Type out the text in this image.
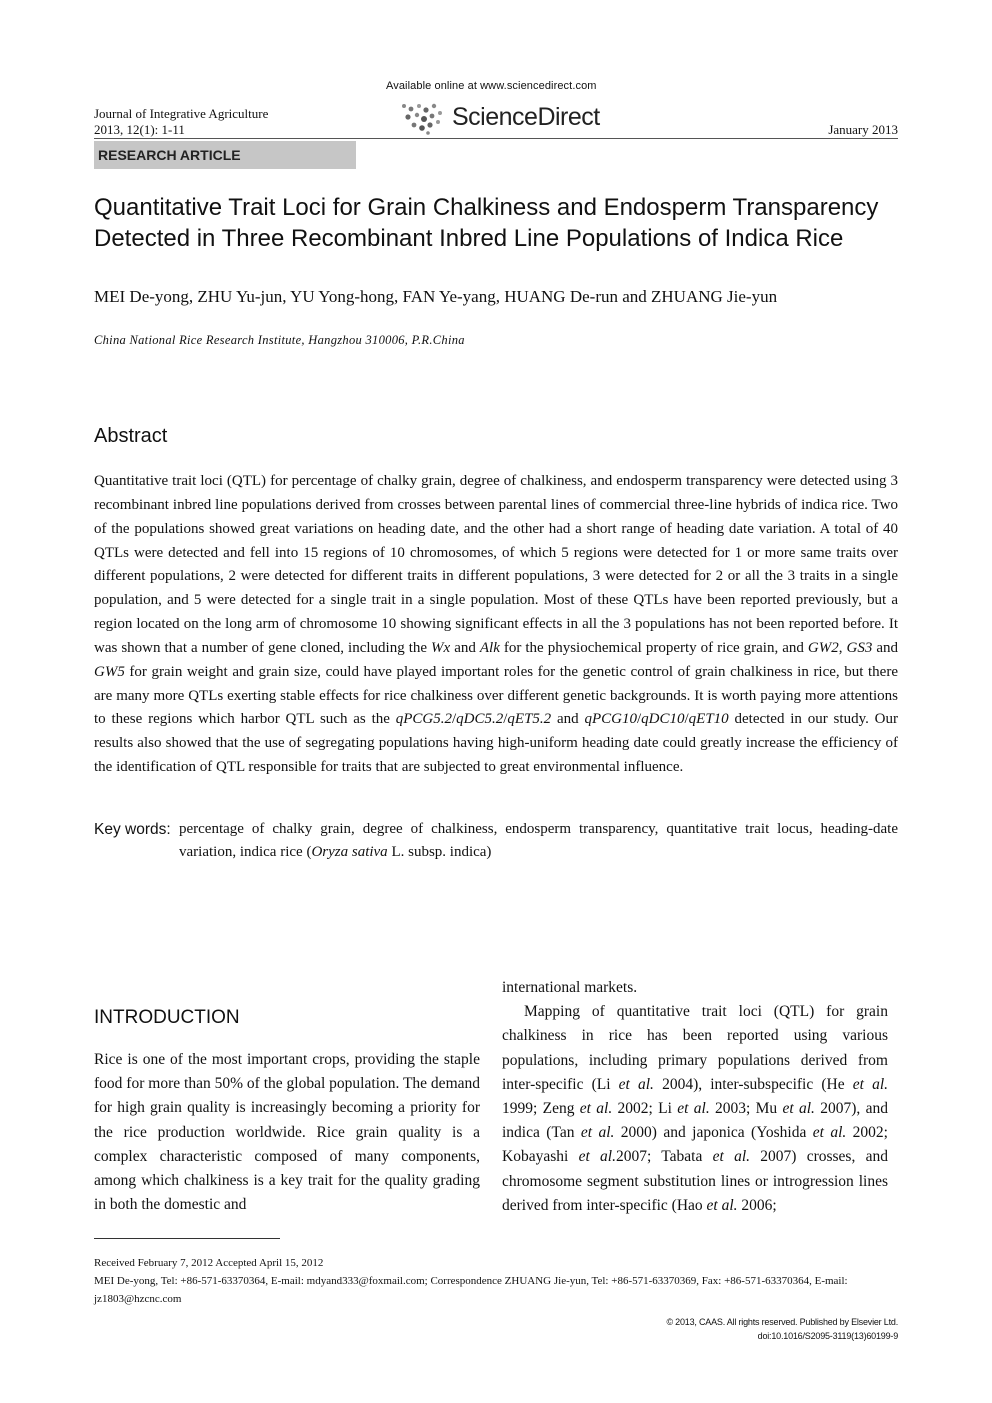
Journal of Integrative Agriculture
2013, 12(1): 1-11
Available online at www.sciencedirect.com
ScienceDirect	January 2013
RESEARCH ARTICLE
Quantitative Trait Loci for Grain Chalkiness and Endosperm Transparency
Detected in Three Recombinant Inbred Line Populations of Indica Rice
MEI De-yong, ZHU Yu-jun, YU Yong-hong, FAN Ye-yang, HUANG De-run and ZHUANG Jie-yun
China National Rice Research Institute, Hangzhou 310006, P.R.China
Abstract
Quantitative trait loci (QTL) for percentage of chalky grain, degree of chalkiness, and endosperm transparency were detected using 3 recombinant inbred line populations derived from crosses between parental lines of commercial three-line hybrids of indica rice. Two of the populations showed great variations on heading date, and the other had a short range of heading date variation. A total of 40 QTLs were detected and fell into 15 regions of 10 chromosomes, of which 5 regions were detected for 1 or more same traits over different populations, 2 were detected for different traits in different populations, 3 were detected for 2 or all the 3 traits in a single population, and 5 were detected for a single trait in a single population. Most of these QTLs have been reported previously, but a region located on the long arm of chromosome 10 showing significant effects in all the 3 populations has not been reported before. It was shown that a number of gene cloned, including the Wx and Alk for the physiochemical property of rice grain, and GW2, GS3 and GW5 for grain weight and grain size, could have played important roles for the genetic control of grain chalkiness in rice, but there are many more QTLs exerting stable effects for rice chalkiness over different genetic backgrounds. It is worth paying more attentions to these regions which harbor QTL such as the qPCG5.2/qDC5.2/qET5.2 and qPCG10/qDC10/qET10 detected in our study. Our results also showed that the use of segregating populations having high-uniform heading date could greatly increase the efficiency of the identification of QTL responsible for traits that are subjected to great environmental influence.
Key words: percentage of chalky grain, degree of chalkiness, endosperm transparency, quantitative trait locus, heading-date variation, indica rice (Oryza sativa L. subsp. indica)
INTRODUCTION
Rice is one of the most important crops, providing the staple food for more than 50% of the global population. The demand for high grain quality is increasingly becoming a priority for the rice production worldwide. Rice grain quality is a complex characteristic composed of many components, among which chalkiness is a key trait for the quality grading in both the domestic and

international markets.

Mapping of quantitative trait loci (QTL) for grain chalkiness in rice has been reported using various populations, including primary populations derived from inter-specific (Li et al. 2004), inter-subspecific (He et al. 1999; Zeng et al. 2002; Li et al. 2003; Mu et al. 2007), and indica (Tan et al. 2000) and japonica (Yoshida et al. 2002; Kobayashi et al.2007; Tabata et al. 2007) crosses, and chromosome segment substitution lines or introgression lines derived from inter-specific (Hao et al. 2006;

Received February 7, 2012 Accepted April 15, 2012
MEI De-yong, Tel: +86-571-63370364, E-mail: mdyand333@foxmail.com; Correspondence ZHUANG Jie-yun, Tel: +86-571-63370369, Fax: +86-571-63370364, E-mail: jz1803@hzcnc.com
© 2013, CAAS. All rights reserved. Published by Elsevier Ltd.
doi:10.1016/S2095-3119(13)60199-9
